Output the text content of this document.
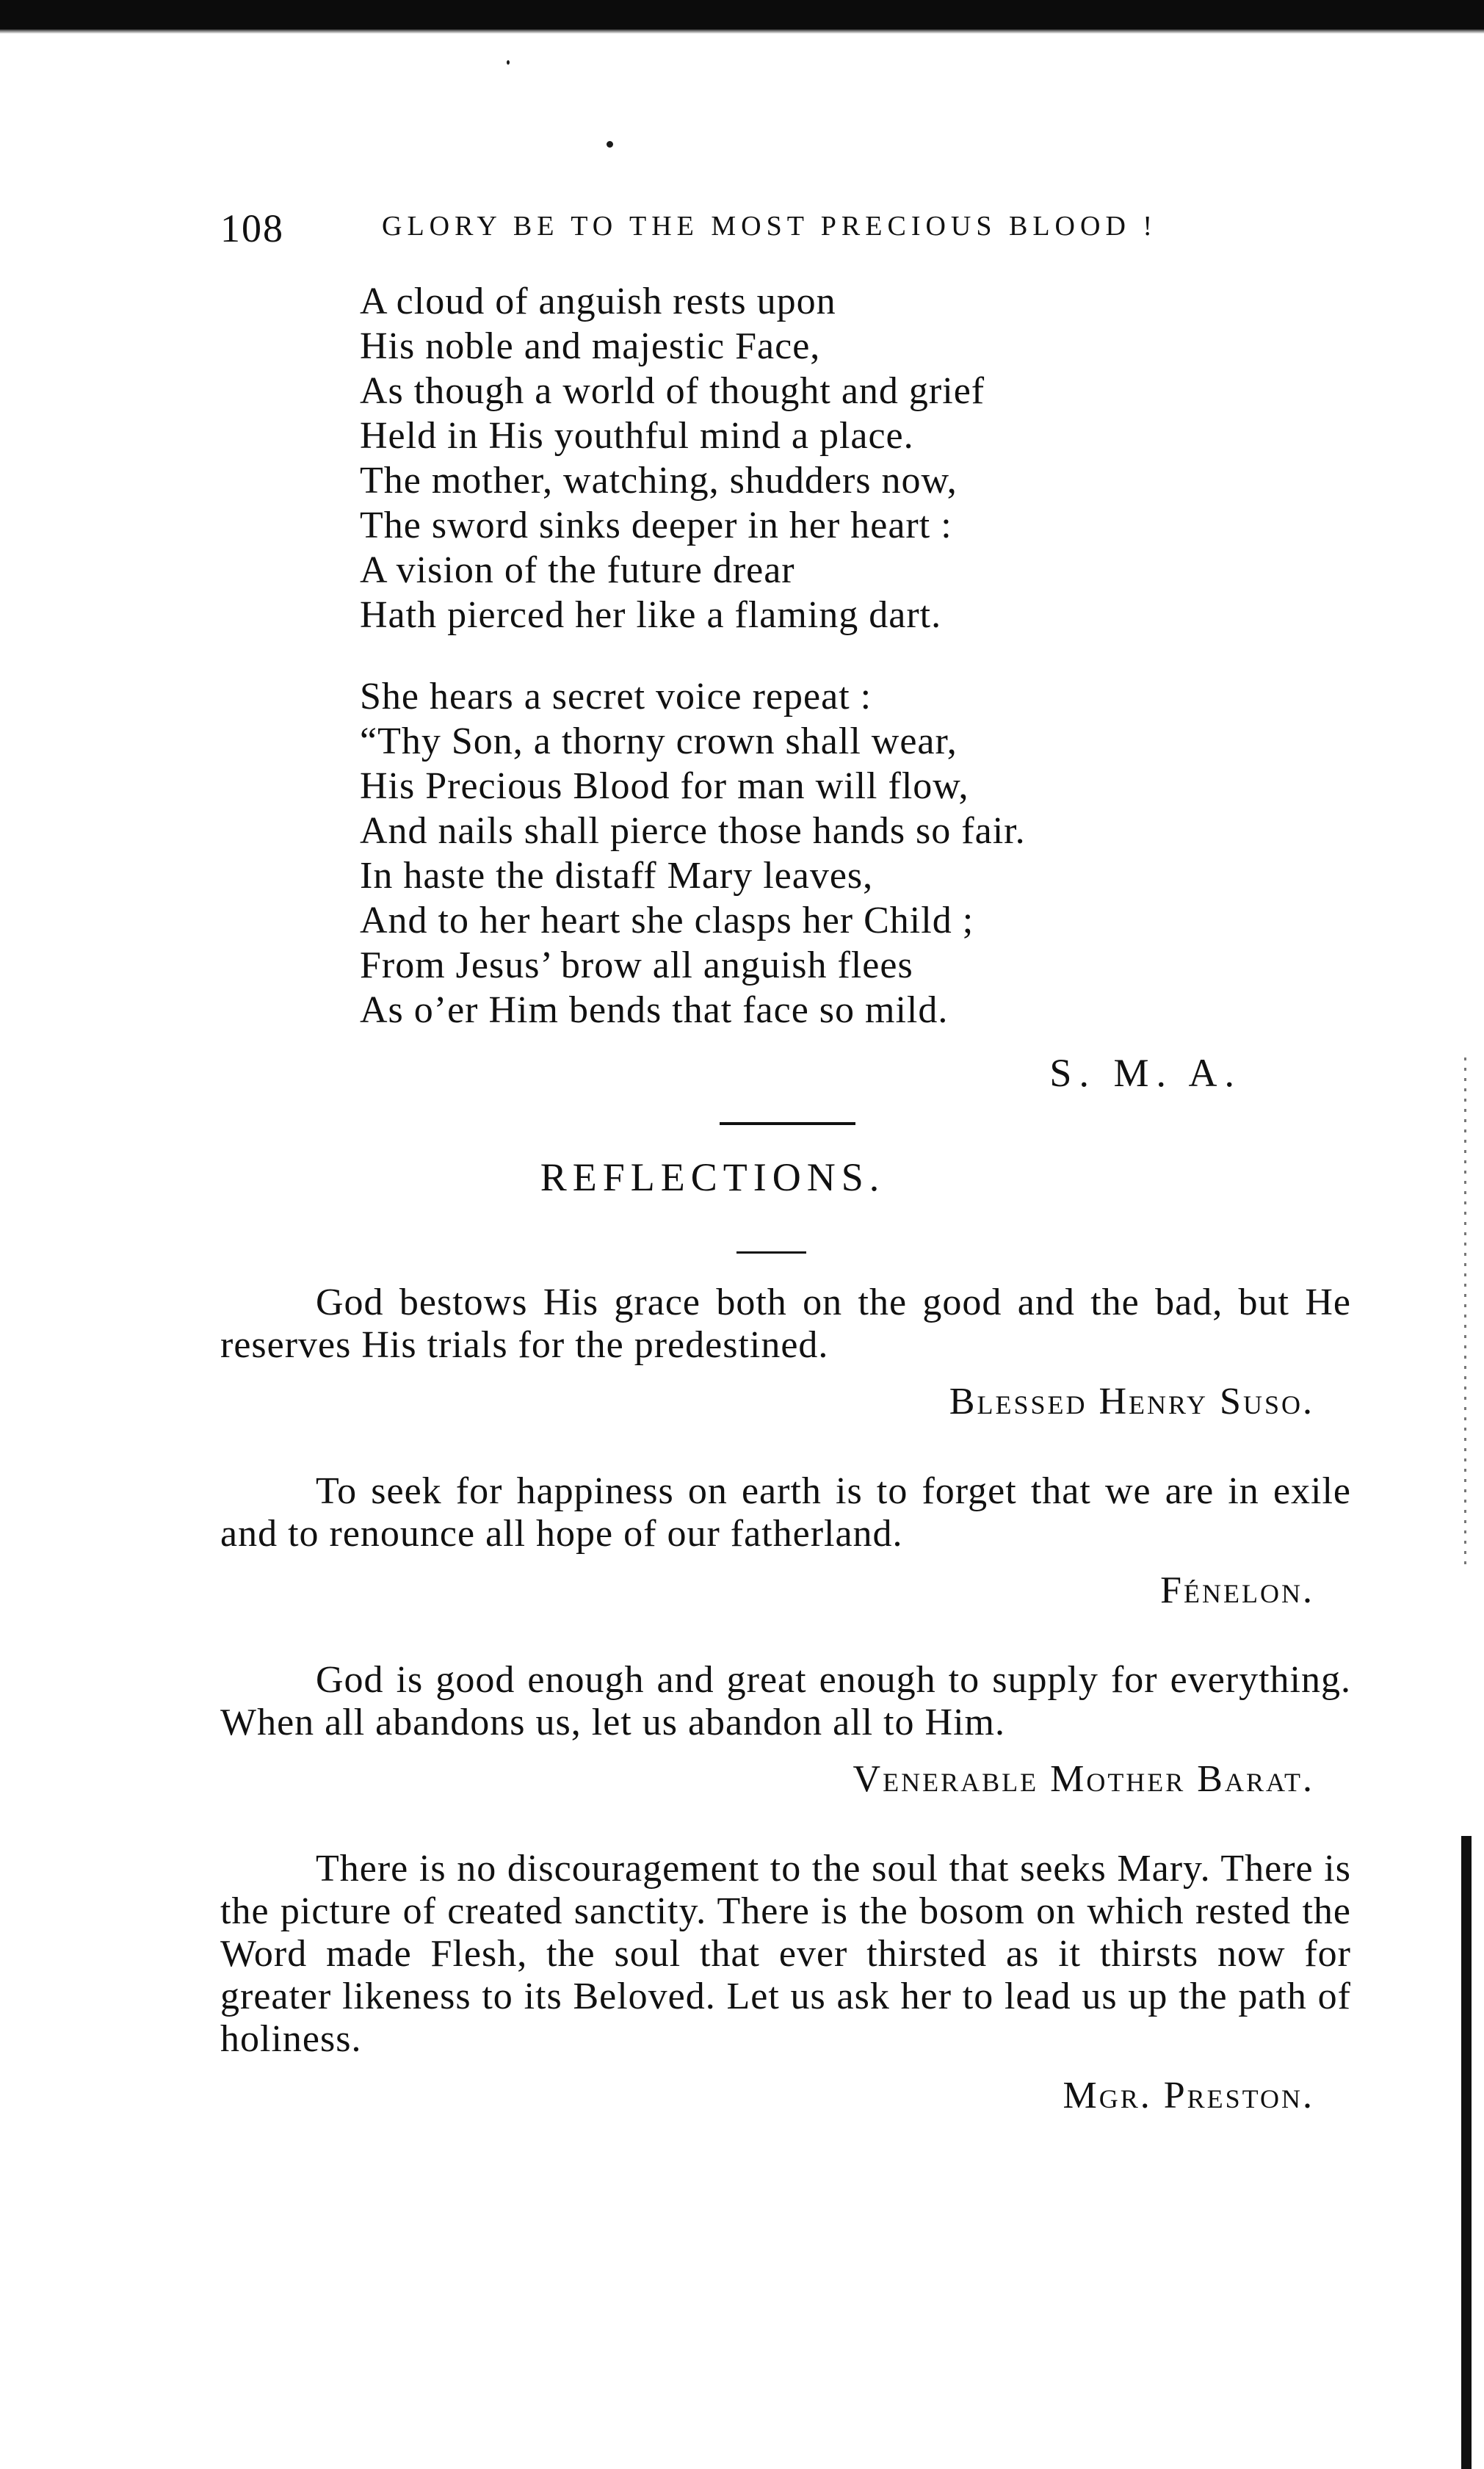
108	GLORY BE TO THE MOST PRECIOUS BLOOD !
A cloud of anguish rests upon
His noble and majestic Face,
As though a world of thought and grief
Held in His youthful mind a place.
The mother, watching, shudders now,
The sword sinks deeper in her heart :
A vision of the future drear
Hath pierced her like a flaming dart.
She hears a secret voice repeat :
“Thy Son, a thorny crown shall wear,
His Precious Blood for man will flow,
And nails shall pierce those hands so fair.
In haste the distaff Mary leaves,
And to her heart she clasps her Child ;
From Jesus’ brow all anguish flees
As o’er Him bends that face so mild.
S. M. A.
REFLECTIONS.

God bestows His grace both on the good and the bad, but He reserves His trials for the predestined.

Blessed Henry Suso.

To seek for happiness on earth is to forget that we are in exile and to renounce all hope of our fatherland.

Fénelon.

God is good enough and great enough to supply for everything. When all abandons us, let us abandon all to Him.

Venerable Mother Barat.

There is no discouragement to the soul that seeks Mary. There is the picture of created sanctity. There is the bosom on which rested the Word made Flesh, the soul that ever thirsted as it thirsts now for greater likeness to its Beloved. Let us ask her to lead us up the path of holiness.

Mgr. Preston.
